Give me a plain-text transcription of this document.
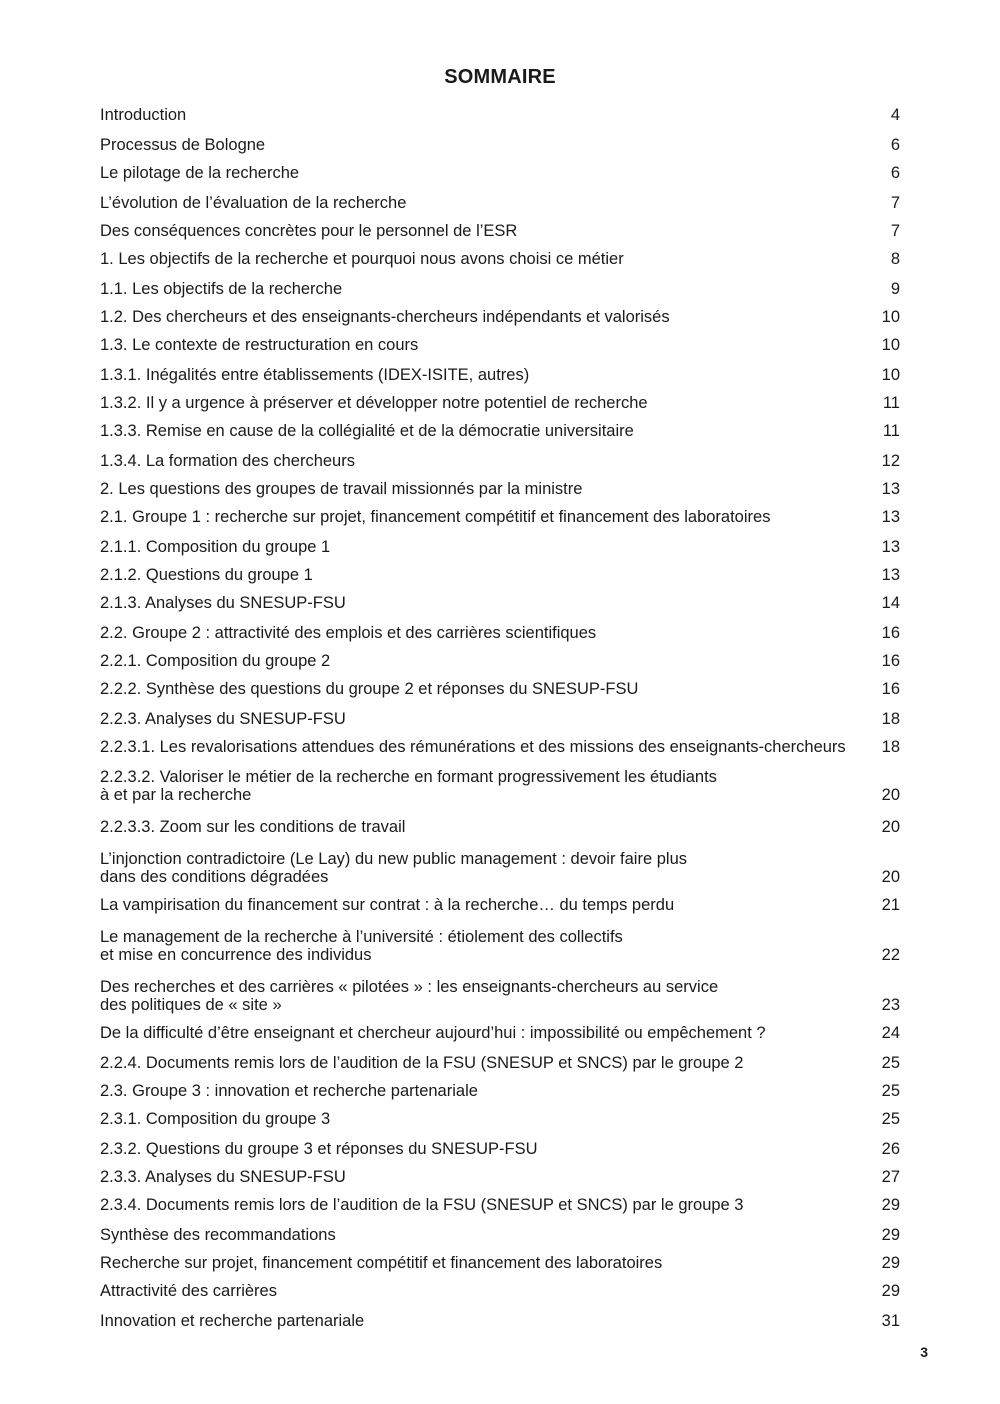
SOMMAIRE
Introduction	4
Processus de Bologne	6
Le pilotage de la recherche	6
L’évolution de l’évaluation de la recherche	7
Des conséquences concrètes pour le personnel de l’ESR	7
1. Les objectifs de la recherche et pourquoi nous avons choisi ce métier	8
1.1. Les objectifs de la recherche	9
1.2. Des chercheurs et des enseignants-chercheurs indépendants et valorisés	10
1.3. Le contexte de restructuration en cours	10
1.3.1. Inégalités entre établissements (IDEX-ISITE, autres)	10
1.3.2. Il y a urgence à préserver et développer notre potentiel de recherche	11
1.3.3. Remise en cause de la collégialité et de la démocratie universitaire	11
1.3.4. La formation des chercheurs	12
2. Les questions des groupes de travail missionnés par la ministre	13
2.1. Groupe 1 : recherche sur projet, financement compétitif et financement des laboratoires	13
2.1.1. Composition du groupe 1	13
2.1.2. Questions du groupe 1	13
2.1.3. Analyses du SNESUP-FSU	14
2.2. Groupe 2 : attractivité des emplois et des carrières scientifiques	16
2.2.1. Composition du groupe 2	16
2.2.2. Synthèse des questions du groupe 2 et réponses du SNESUP-FSU	16
2.2.3. Analyses du SNESUP-FSU	18
2.2.3.1. Les revalorisations attendues des rémunérations et des missions des enseignants-chercheurs	18
2.2.3.2. Valoriser le métier de la recherche en formant progressivement les étudiants
à et par la recherche	20
2.2.3.3. Zoom sur les conditions de travail	20
L’injonction contradictoire (Le Lay) du new public management : devoir faire plus
dans des conditions dégradées	20
La vampirisation du financement sur contrat : à la recherche… du temps perdu	21
Le management de la recherche à l’université : étiolement des collectifs
et mise en concurrence des individus	22
Des recherches et des carrières « pilotées » : les enseignants-chercheurs au service
des politiques de « site »	23
De la difficulté d’être enseignant et chercheur aujourd’hui : impossibilité ou empêchement ?	24
2.2.4. Documents remis lors de l’audition de la FSU (SNESUP et SNCS) par le groupe 2	25
2.3. Groupe 3 : innovation et recherche partenariale	25
2.3.1. Composition du groupe 3	25
2.3.2. Questions du groupe 3 et réponses du SNESUP-FSU	26
2.3.3. Analyses du SNESUP-FSU	27
2.3.4. Documents remis lors de l’audition de la FSU (SNESUP et SNCS) par le groupe 3	29
Synthèse des recommandations	29
Recherche sur projet, financement compétitif et financement des laboratoires	29
Attractivité des carrières	29
Innovation et recherche partenariale	31
3
